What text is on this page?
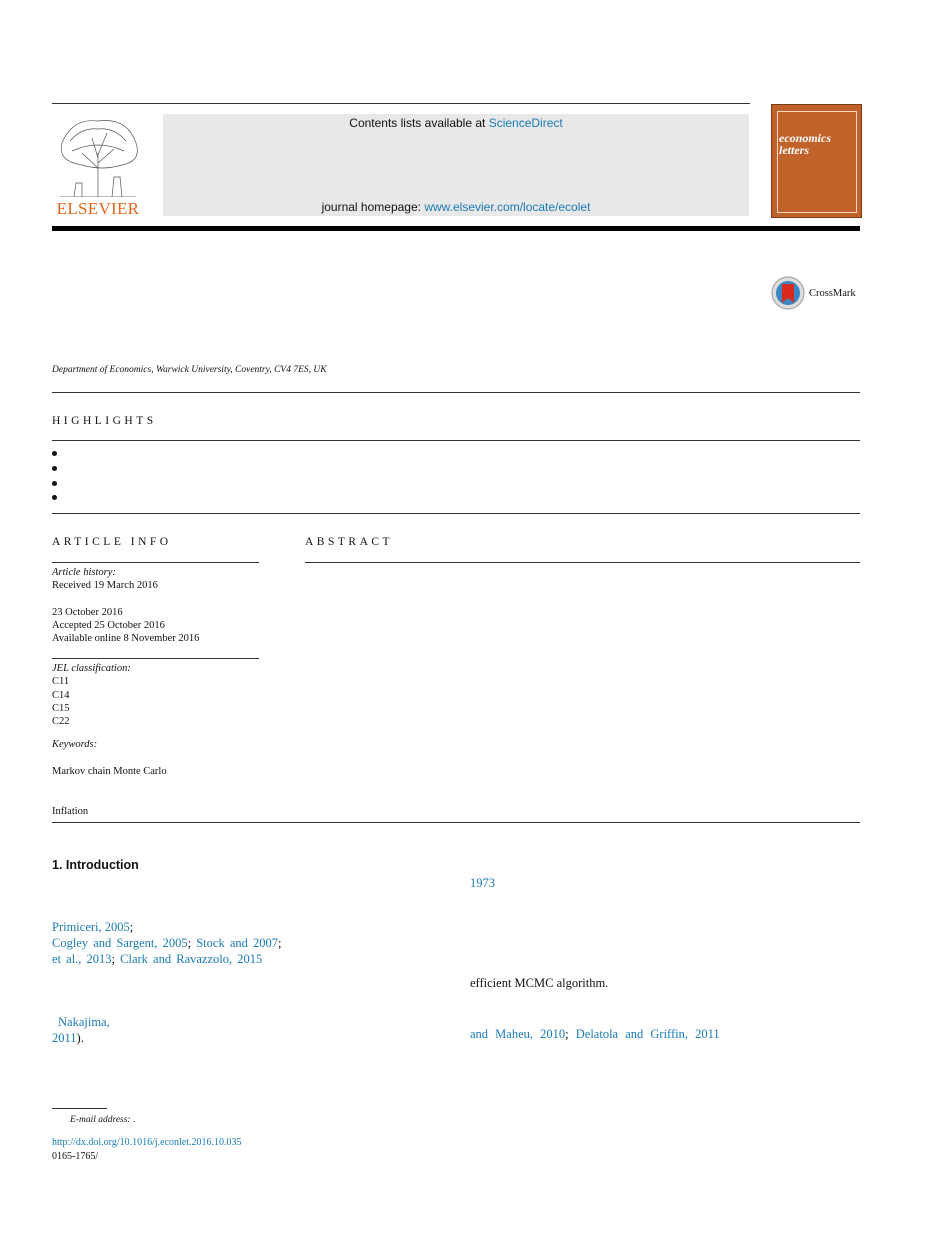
ELSEVIER
Contents lists available at ScienceDirect
journal homepage: www.elsevier.com/locate/ecolet
economics
letters
CrossMark
Department of Economics, Warwick University, Coventry, CV4 7ES, UK
HIGHLIGHTS
ARTICLE INFO
Article history:
Received 19 March 2016
23 October 2016
Accepted 25 October 2016
Available online 8 November 2016
JEL classification:
C11
C14
C15
C22
Keywords:
Markov chain Monte Carlo
Inflation
ABSTRACT
1. Introduction
Primiceri, 2005;
Cogley and Sargent, 2005; Stock and 2007;
et al., 2013; Clark and Ravazzolo, 2015
Nakajima,
2011).
1973
efficient MCMC algorithm.
and Maheu, 2010; Delatola and Griffin, 2011
E-mail address: .
http://dx.doi.org/10.1016/j.econlet.2016.10.035
0165-1765/
